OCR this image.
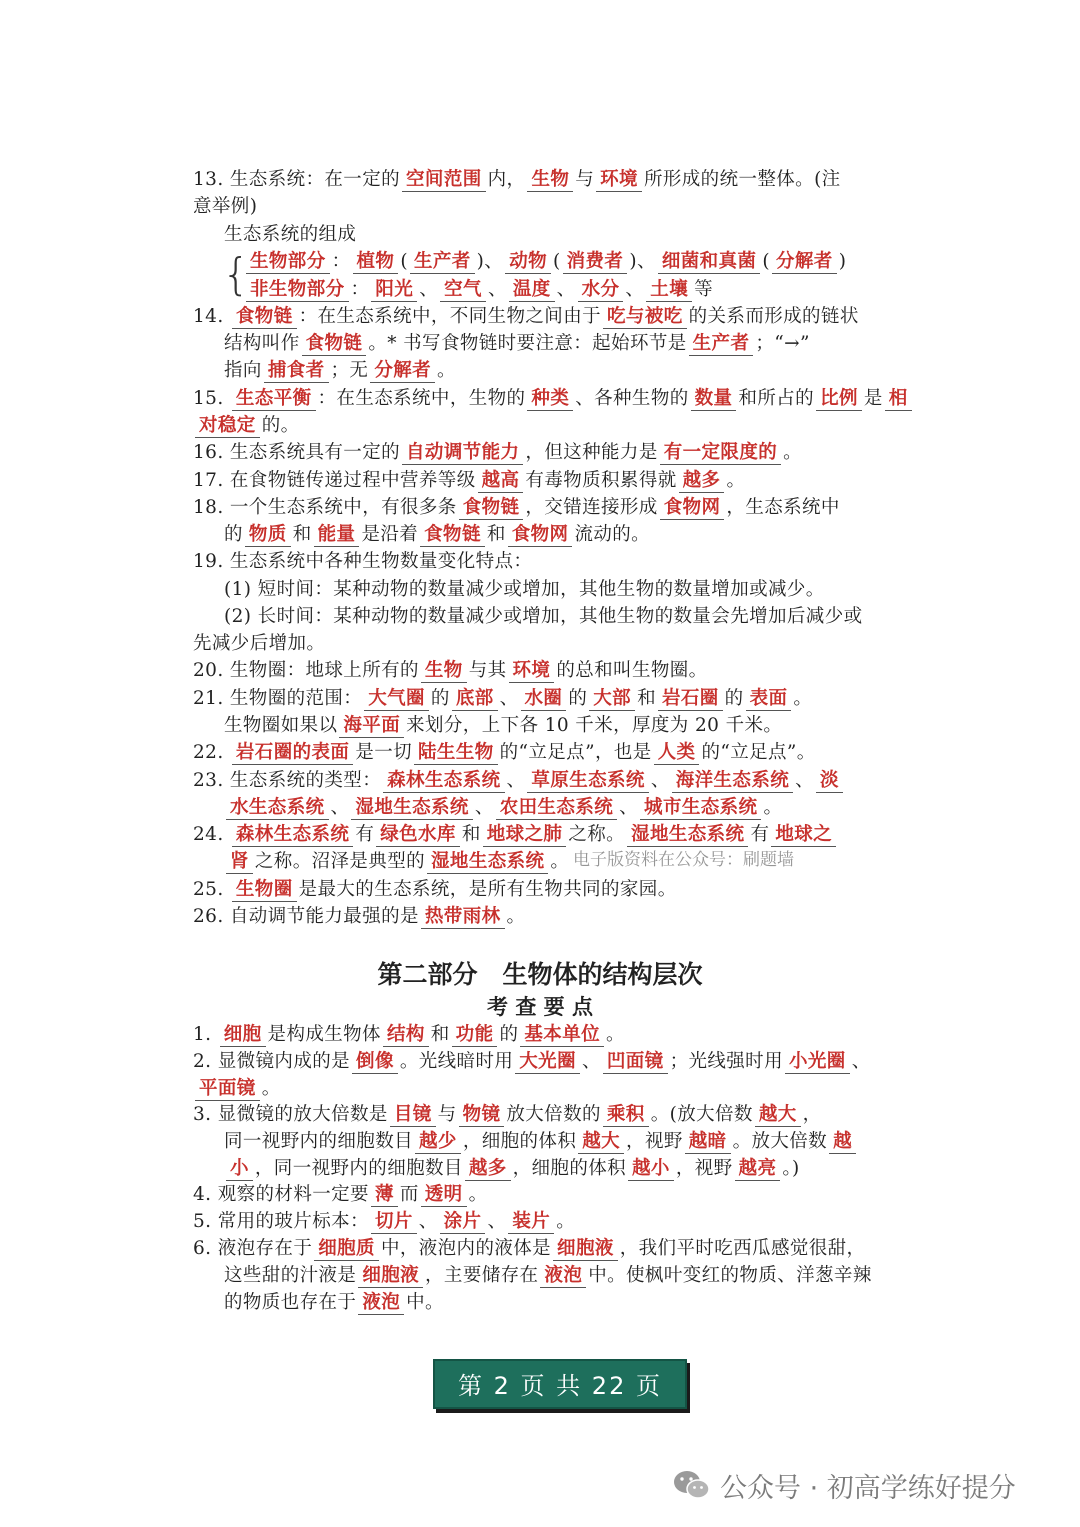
13. 生态系统：在一定的 空间范围 内， 生物 与 环境 所形成的统一整体。(注
意举例)
生态系统的组成
生物部分 ： 植物 ( 生产者 )、 动物 ( 消费者 )、 细菌和真菌 ( 分解者 )
非生物部分 ： 阳光 、 空气 、 温度 、 水分 、 土壤 等
14. 食物链 ：在生态系统中，不同生物之间由于 吃与被吃 的关系而形成的链状
结构叫作 食物链 。* 书写食物链时要注意：起始环节是 生产者 ；“→”
指向 捕食者 ；无 分解者 。
15. 生态平衡 ：在生态系统中，生物的 种类 、各种生物的 数量 和所占的 比例 是 相
对稳定 的。
16. 生态系统具有一定的 自动调节能力 ，但这种能力是 有一定限度的 。
17. 在食物链传递过程中营养等级 越高 有毒物质积累得就 越多 。
18. 一个生态系统中，有很多条 食物链 ，交错连接形成 食物网 ，生态系统中
的 物质 和 能量 是沿着 食物链 和 食物网 流动的。
19. 生态系统中各种生物数量变化特点：
(1) 短时间：某种动物的数量减少或增加，其他生物的数量增加或减少。
(2) 长时间：某种动物的数量减少或增加，其他生物的数量会先增加后减少或
先减少后增加。
20. 生物圈：地球上所有的 生物 与其 环境 的总和叫生物圈。
21. 生物圈的范围： 大气圈 的 底部 、 水圈 的 大部 和 岩石圈 的 表面 。
生物圈如果以 海平面 来划分，上下各 10 千米，厚度为 20 千米。
22. 岩石圈的表面 是一切 陆生生物 的“立足点”，也是 人类 的“立足点”。
23. 生态系统的类型： 森林生态系统 、 草原生态系统 、 海洋生态系统 、 淡
水生态系统 、 湿地生态系统 、 农田生态系统 、 城市生态系统 。
24. 森林生态系统 有 绿色水库 和 地球之肺 之称。 湿地生态系统 有 地球之
肾 之称。沼泽是典型的 湿地生态系统 。
25. 生物圈 是最大的生态系统，是所有生物共同的家园。
26. 自动调节能力最强的是 热带雨林 。
{
第二部分　生物体的结构层次
考 查 要 点
1. 细胞 是构成生物体 结构 和 功能 的 基本单位 。
2. 显微镜内成的是 倒像 。光线暗时用 大光圈 、 凹面镜 ；光线强时用 小光圈 、
平面镜 。
3. 显微镜的放大倍数是 目镜 与 物镜 放大倍数的 乘积 。(放大倍数 越大 ，
同一视野内的细胞数目 越少 ，细胞的体积 越大 ，视野 越暗 。放大倍数 越
小 ，同一视野内的细胞数目 越多 ，细胞的体积 越小 ，视野 越亮 。)
4. 观察的材料一定要 薄 而 透明 。
5. 常用的玻片标本： 切片 、 涂片 、 装片 。
6. 液泡存在于 细胞质 中，液泡内的液体是 细胞液 ，我们平时吃西瓜感觉很甜，
这些甜的汁液是 细胞液 ，主要储存在 液泡 中。使枫叶变红的物质、洋葱辛辣
的物质也存在于 液泡 中。
电子版资料在公众号：刷题墙
第 2 页 共 22 页
公众号 · 初高学练好提分
